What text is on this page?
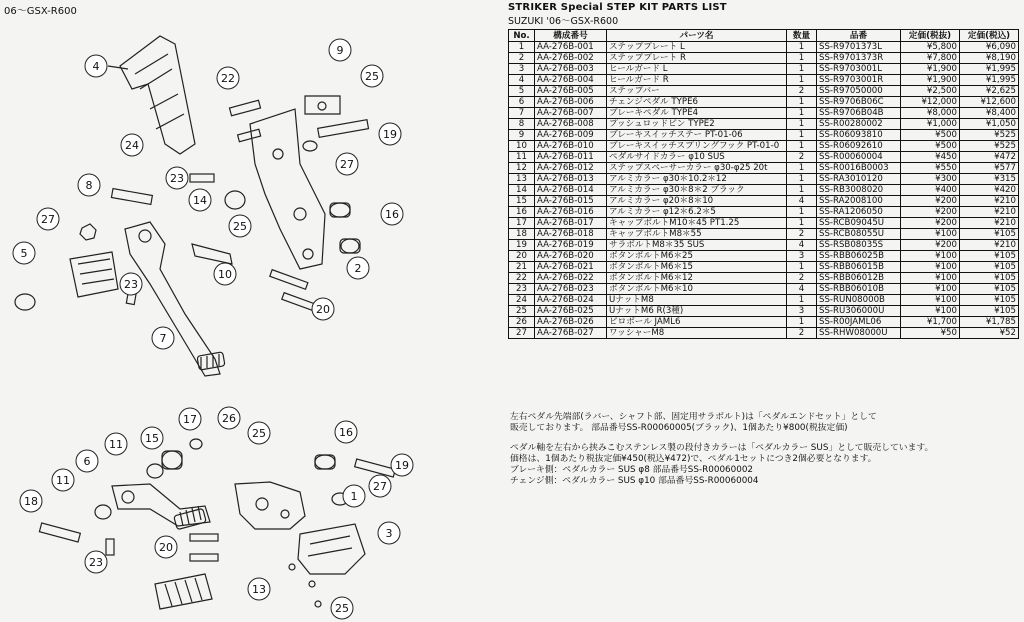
06～GSX-R600
4
9
22	25
19
24
27
23
8
14
16
27
25
5
2
10
23
20
7
15
17 26
11
25	16
6	19
11	27
1
18
3
20
23
13
25
STRIKER Special STEP KIT PARTS LIST
SUZUKI '06～GSX-R600
No.	構成番号	パーツ名	数量	品番	定価(税抜)	定価(税込)
1	AA-276B-001	ステッププレート L	1	SS-R9701373L	¥5,800	¥6,090
2	AA-276B-002	ステッププレート R	1	SS-R9701373R	¥7,800	¥8,190
3	AA-276B-003	ヒールガード L	1	SS-R9703001L	¥1,900	¥1,995
4	AA-276B-004	ヒールガード R	1	SS-R9703001R	¥1,900	¥1,995
5	AA-276B-005	ステップバー	2	SS-R97050000	¥2,500	¥2,625
6	AA-276B-006	チェンジペダル TYPE6	1	SS-R9706B06C	¥12,000	¥12,600
7	AA-276B-007	ブレーキペダル TYPE4	1	SS-R9706B04B	¥8,000	¥8,400
8	AA-276B-008	プッシュロッドピン TYPE2	1	SS-R00280002	¥1,000	¥1,050
9	AA-276B-009	ブレーキスイッチステー PT-01-06	1	SS-R06093810	¥500	¥525
10	AA-276B-010	ブレーキスイッチスプリングフック PT-01-0	1	SS-R06092610	¥500	¥525
11	AA-276B-011	ペダルサイドカラー φ10 SUS	2	SS-R00060004	¥450	¥472
12	AA-276B-012	ステップスペーサーカラー φ30-φ25 20t	1	SS-R0016B0003	¥550	¥577
13	AA-276B-013	アルミカラー φ30＊10.2＊12	1	SS-RA3010120	¥300	¥315
14	AA-276B-014	アルミカラー φ30＊8＊2 ブラック	1	SS-RB3008020	¥400	¥420
15	AA-276B-015	アルミカラー φ20＊8＊10	4	SS-RA2008100	¥200	¥210
16	AA-276B-016	アルミカラー φ12＊6.2＊5	1	SS-RA1206050	¥200	¥210
17	AA-276B-017	キャップボルトM10＊45 PT1.25	1	SS-RCB09045U	¥200	¥210
18	AA-276B-018	キャップボルトM8＊55	2	SS-RCB08055U	¥100	¥105
19	AA-276B-019	サラボルトM8＊35 SUS	4	SS-RSB08035S	¥200	¥210
20	AA-276B-020	ボタンボルトM6＊25	3	SS-RBB06025B	¥100	¥105
21	AA-276B-021	ボタンボルトM6＊15	1	SS-RBB06015B	¥100	¥105
22	AA-276B-022	ボタンボルトM6＊12	2	SS-RBB06012B	¥100	¥105
23	AA-276B-023	ボタンボルトM6＊10	4	SS-RBB06010B	¥100	¥105
24	AA-276B-024	UナットM8	1	SS-RUN08000B	¥100	¥105
25	AA-276B-025	UナットM6 R(3種)	3	SS-RU306000U	¥100	¥105
26	AA-276B-026	ピロボール JAML6	1	SS-R00JAML06	¥1,700	¥1,785
27	AA-276B-027	ワッシャーM8	2	SS-RHW08000U	¥50	¥52

左右ペダル先端部(ラバー、シャフト部、固定用サラボルト)は「ペダルエンドセット」として

販売しております。 部品番号SS-R00060005(ブラック)、1個あたり¥800(税抜定価)

ペダル軸を左右から挟みこむステンレス製の段付きカラーは「ペダルカラー SUS」として販売しています。

価格は、1個あたり税抜定価¥450(税込¥472)で、ペダル1セットにつき2個必要となります。

ブレーキ側：ペダルカラー SUS φ8 部品番号SS-R00060002

チェンジ側：ペダルカラー SUS φ10 部品番号SS-R00060004
